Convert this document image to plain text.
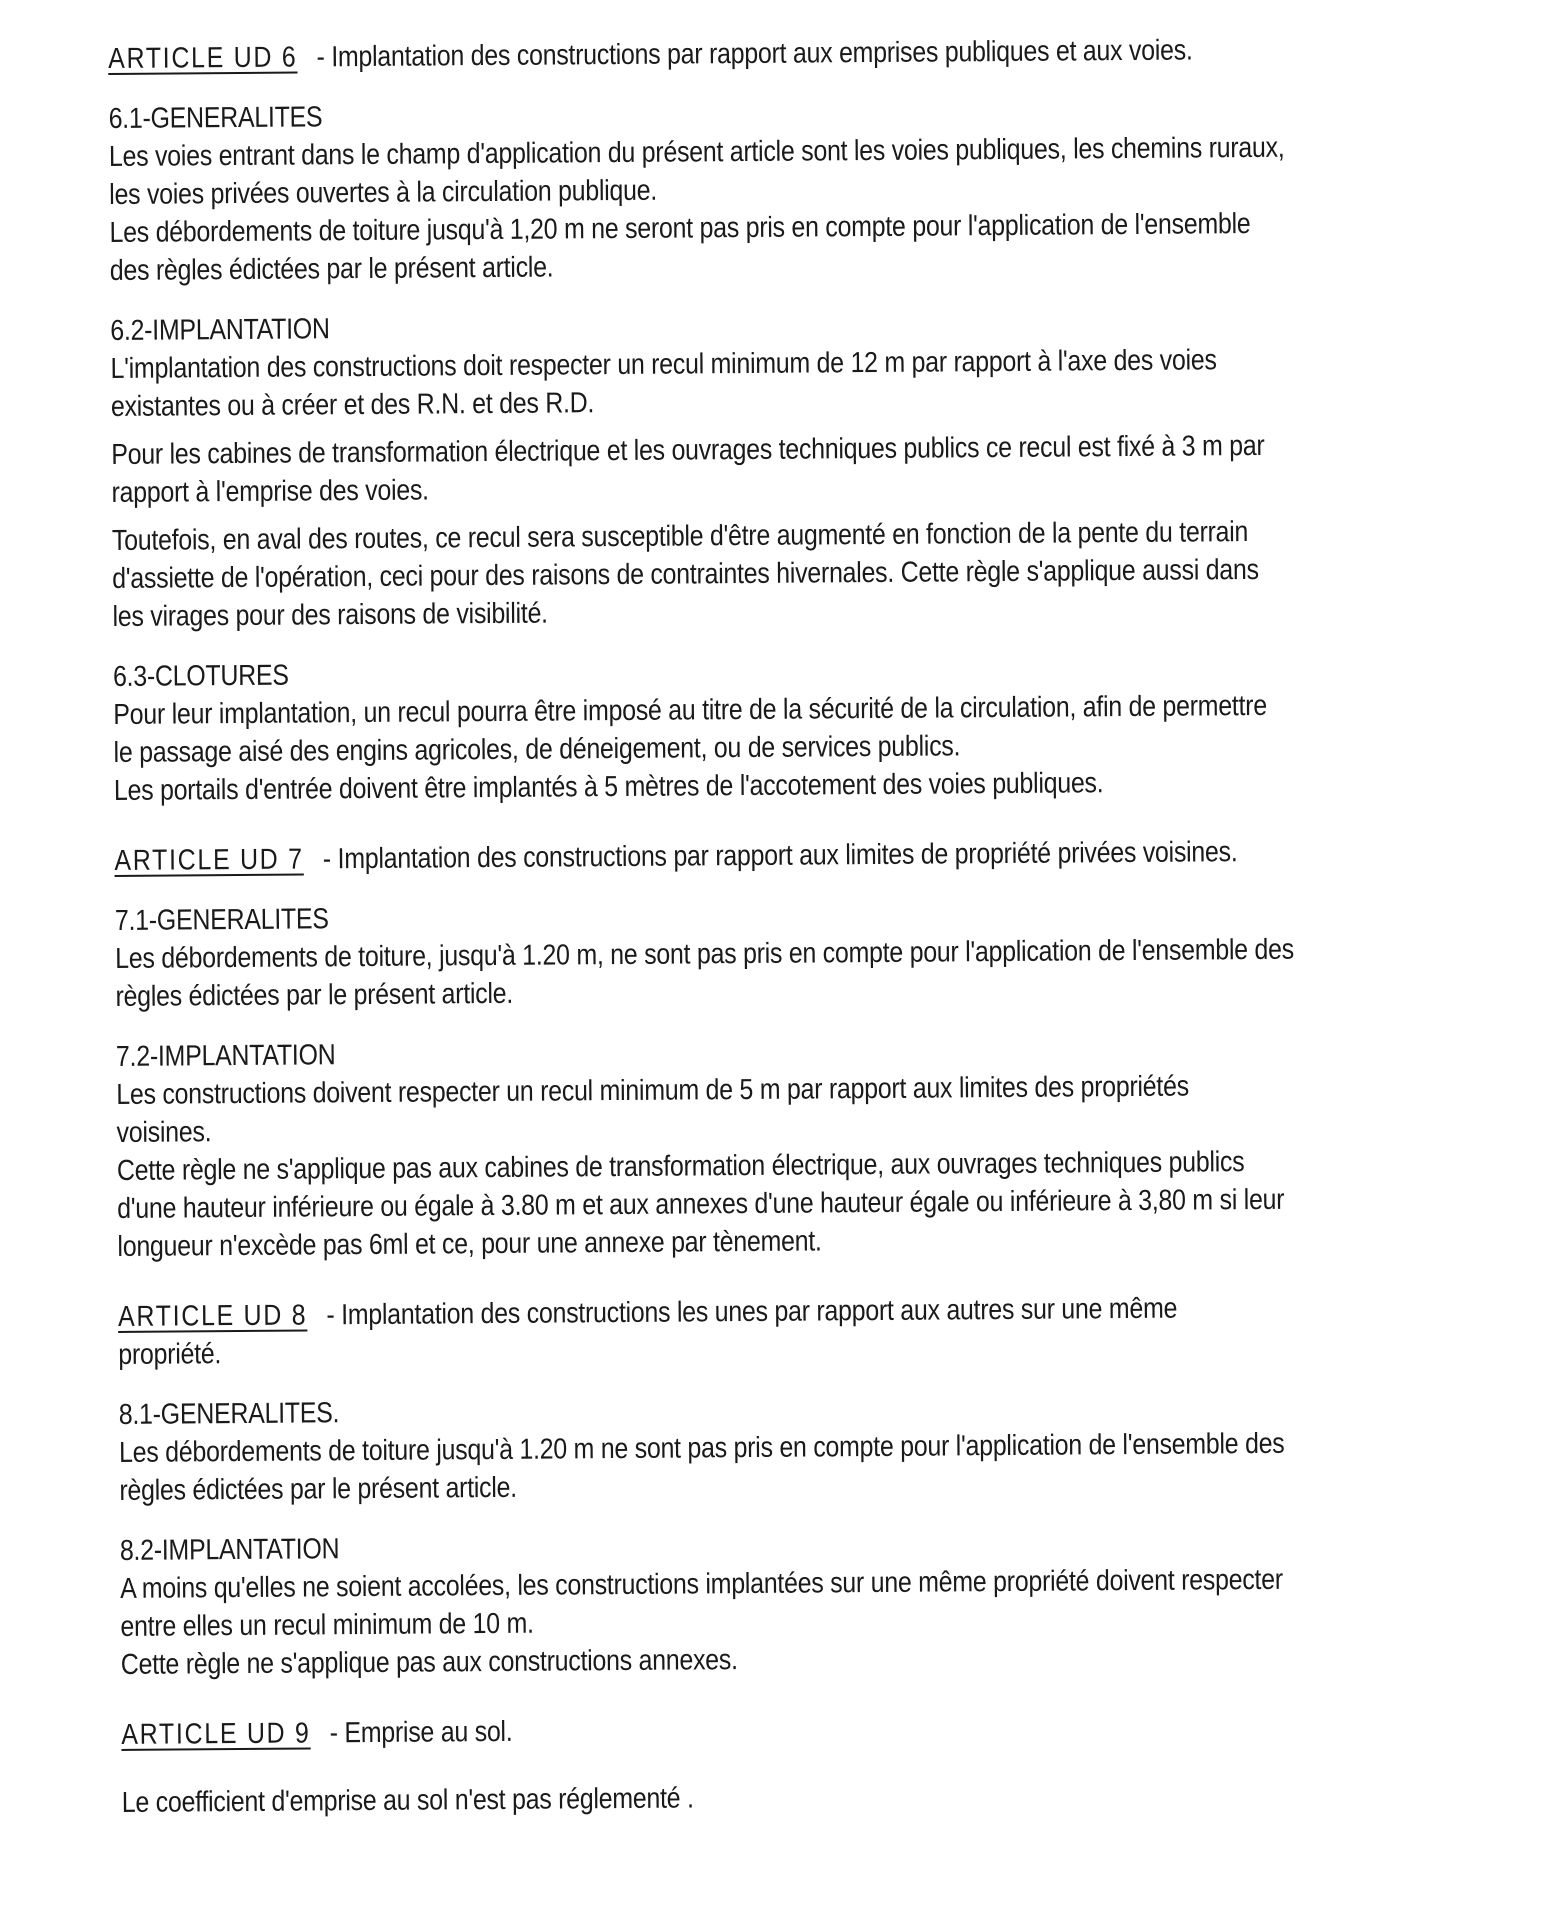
ARTICLE UD 6 - Implantation des constructions par rapport aux emprises publiques et aux voies.
6.1-GENERALITES
Les voies entrant dans le champ d'application du présent article sont les voies publiques, les chemins ruraux,
les voies privées ouvertes à la circulation publique.
Les débordements de toiture jusqu'à 1,20 m ne seront pas pris en compte pour l'application de l'ensemble
des règles édictées par le présent article.
6.2-IMPLANTATION
L'implantation des constructions doit respecter un recul minimum de 12 m par rapport à l'axe des voies
existantes ou à créer et des R.N. et des R.D.
Pour les cabines de transformation électrique et les ouvrages techniques publics ce recul est fixé à 3 m par
rapport à l'emprise des voies.
Toutefois, en aval des routes, ce recul sera susceptible d'être augmenté en fonction de la pente du terrain
d'assiette de l'opération, ceci pour des raisons de contraintes hivernales. Cette règle s'applique aussi dans
les virages pour des raisons de visibilité.
6.3-CLOTURES
Pour leur implantation, un recul pourra être imposé au titre de la sécurité de la circulation, afin de permettre
le passage aisé des engins agricoles, de déneigement, ou de services publics.
Les portails d'entrée doivent être implantés à 5 mètres de l'accotement des voies publiques.
ARTICLE UD 7 - Implantation des constructions par rapport aux limites de propriété privées voisines.
7.1-GENERALITES
Les débordements de toiture, jusqu'à 1.20 m, ne sont pas pris en compte pour l'application de l'ensemble des
règles édictées par le présent article.
7.2-IMPLANTATION
Les constructions doivent respecter un recul minimum de 5 m par rapport aux limites des propriétés
voisines.
Cette règle ne s'applique pas aux cabines de transformation électrique, aux ouvrages techniques publics
d'une hauteur inférieure ou égale à 3.80 m et aux annexes d'une hauteur égale ou inférieure à 3,80 m si leur
longueur n'excède pas 6ml et ce, pour une annexe par tènement.
ARTICLE UD 8 - Implantation des constructions les unes par rapport aux autres sur une même
propriété.
8.1-GENERALITES.
Les débordements de toiture jusqu'à 1.20 m ne sont pas pris en compte pour l'application de l'ensemble des
règles édictées par le présent article.
8.2-IMPLANTATION
A moins qu'elles ne soient accolées, les constructions implantées sur une même propriété doivent respecter
entre elles un recul minimum de 10 m.
Cette règle ne s'applique pas aux constructions annexes.
ARTICLE UD 9 - Emprise au sol.
Le coefficient d'emprise au sol n'est pas réglementé .
